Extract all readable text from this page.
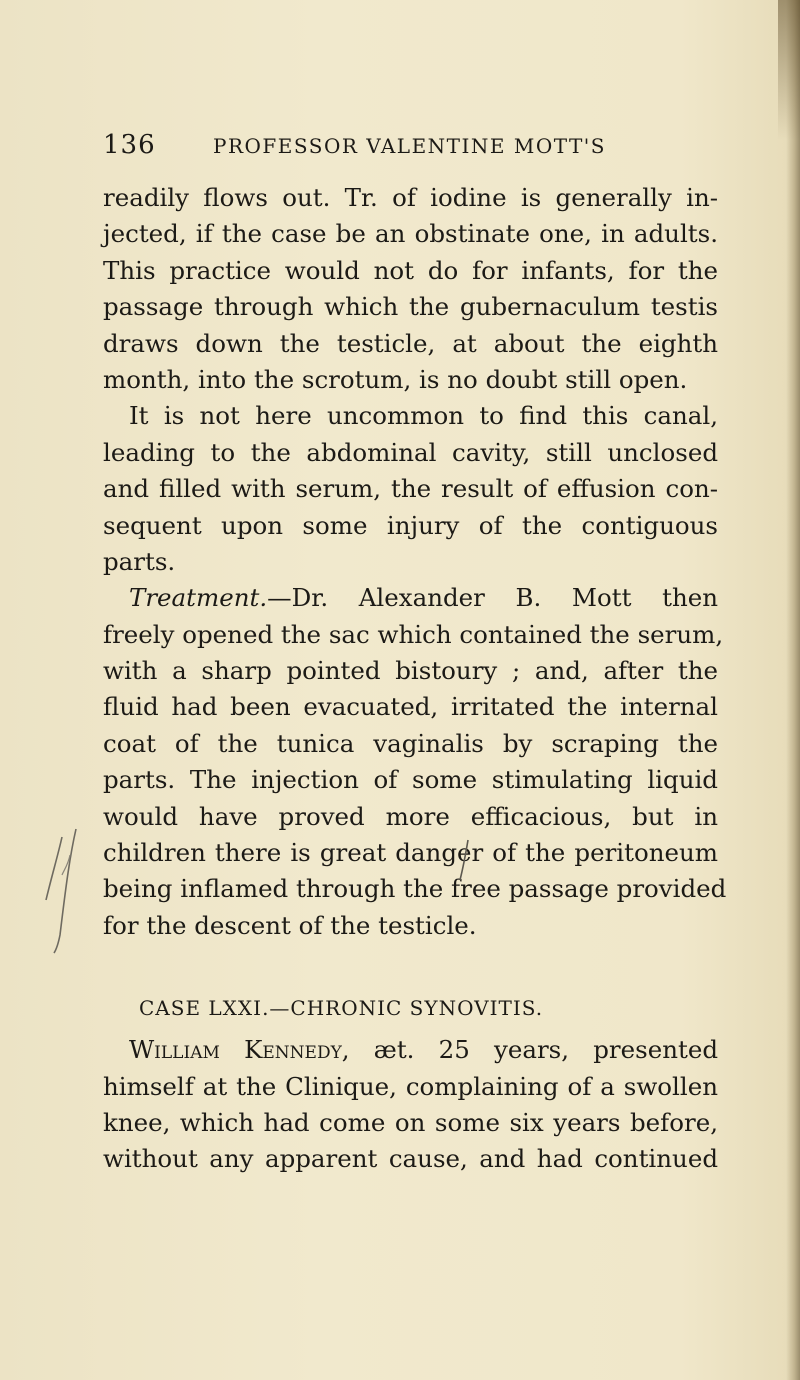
136	PROFESSOR VALENTINE MOTT'S
readily flows out. Tr. of iodine is generally in-
jected, if the case be an obstinate one, in adults.
This practice would not do for infants, for the
passage through which the gubernaculum testis
draws down the testicle, at about the eighth
month, into the scrotum, is no doubt still open.
It is not here uncommon to find this canal,
leading to the abdominal cavity, still unclosed
and filled with serum, the result of effusion con-
sequent upon some injury of the contiguous
parts.
Treatment.—Dr. Alexander B. Mott then
freely opened the sac which contained the serum,
with a sharp pointed bistoury ; and, after the
fluid had been evacuated, irritated the internal
coat of the tunica vaginalis by scraping the
parts. The injection of some stimulating liquid
would have proved more efficacious, but in
children there is great danger of the peritoneum
being inflamed through the free passage provided
for the descent of the testicle.
CASE LXXI.—CHRONIC SYNOVITIS.
William Kennedy, æt. 25 years, presented
himself at the Clinique, complaining of a swollen
knee, which had come on some six years before,
without any apparent cause, and had continued
